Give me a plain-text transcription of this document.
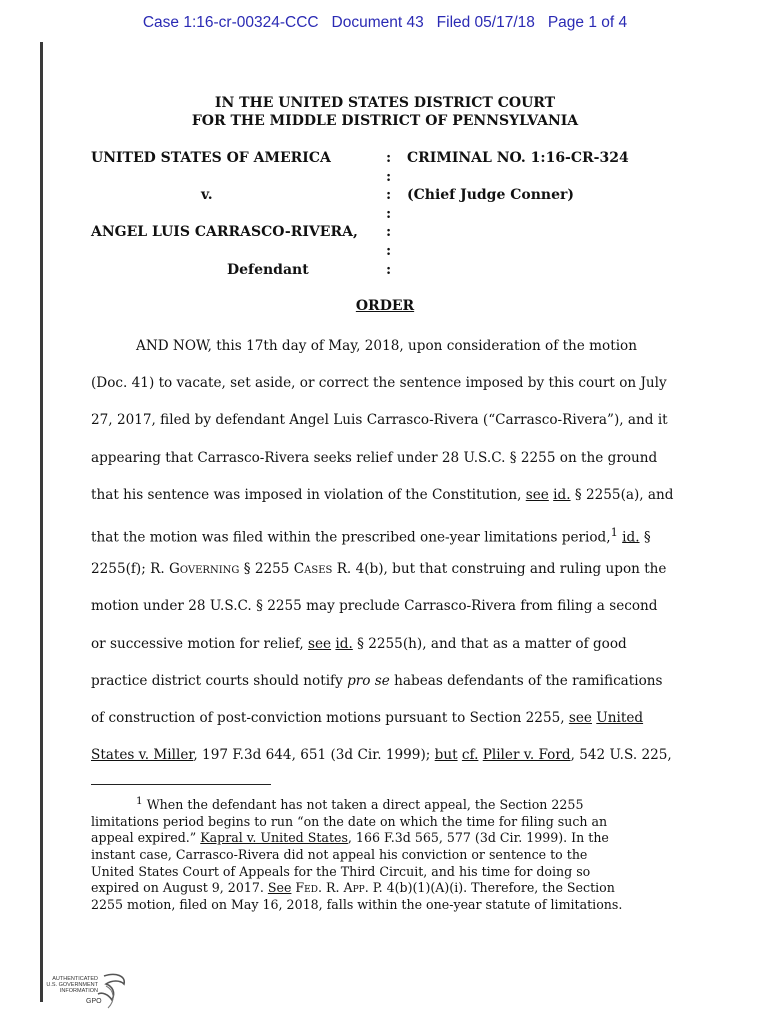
Case 1:16-cr-00324-CCC Document 43 Filed 05/17/18 Page 1 of 4
IN THE UNITED STATES DISTRICT COURT
FOR THE MIDDLE DISTRICT OF PENNSYLVANIA
UNITED STATES OF AMERICA	: CRIMINAL NO. 1:16-CR-324
:
v.	: (Chief Judge Conner)
:
ANGEL LUIS CARRASCO-RIVERA, :
:
Defendant	:
ORDER
AND NOW, this 17th day of May, 2018, upon consideration of the motion
(Doc. 41) to vacate, set aside, or correct the sentence imposed by this court on July
27, 2017, filed by defendant Angel Luis Carrasco-Rivera (“Carrasco-Rivera”), and it
appearing that Carrasco-Rivera seeks relief under 28 U.S.C. § 2255 on the ground
that his sentence was imposed in violation of the Constitution, see id. § 2255(a), and
that the motion was filed within the prescribed one-year limitations period,$^1$ id. §
2255(f); R. Governing § 2255 Cases R. 4(b), but that construing and ruling upon the
motion under 28 U.S.C. § 2255 may preclude Carrasco-Rivera from filing a second
or successive motion for relief, see id. § 2255(h), and that as a matter of good
practice district courts should notify pro se habeas defendants of the ramifications
of construction of post-conviction motions pursuant to Section 2255, see United
States v. Miller, 197 F.3d 644, 651 (3d Cir. 1999); but cf. Pliler v. Ford, 542 U.S. 225,
$^1$ When the defendant has not taken a direct appeal, the Section 2255
limitations period begins to run “on the date on which the time for filing such an
appeal expired.” Kapral v. United States, 166 F.3d 565, 577 (3d Cir. 1999). In the
instant case, Carrasco-Rivera did not appeal his conviction or sentence to the
United States Court of Appeals for the Third Circuit, and his time for doing so
expired on August 9, 2017. See Fed. R. App. P. 4(b)(1)(A)(i). Therefore, the Section
2255 motion, filed on May 16, 2018, falls within the one-year statute of limitations.
AUTHENTICATED
U.S. GOVERNMENT
INFORMATION
GPO
